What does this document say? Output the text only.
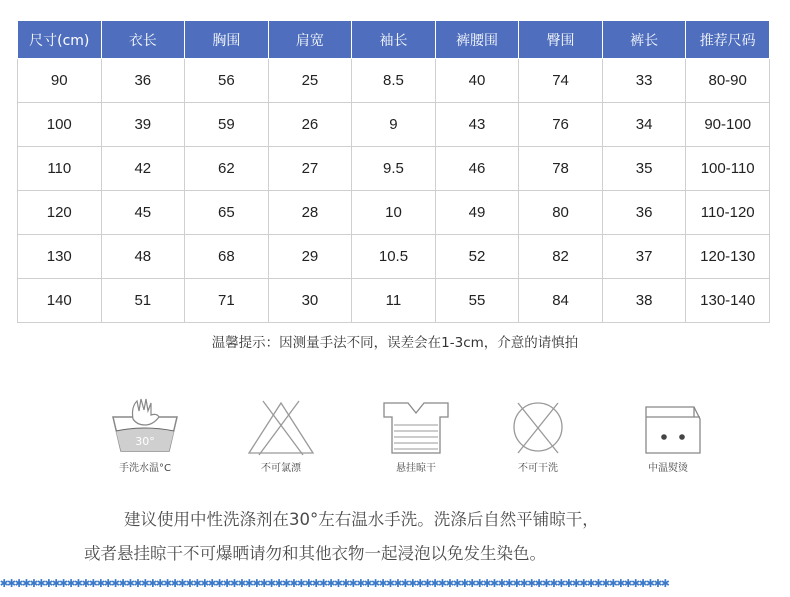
尺寸(cm)	衣长	胸围	肩宽	袖长	裤腰围	臀围	裤长	推荐尺码
90	36	56	25	8.5	40	74	33	80-90
100	39	59	26	9	43	76	34	90-100
110	42	62	27	9.5	46	78	35	100-110
120	45	65	28	10	49	80	36	110-120
130	48	68	29	10.5	52	82	37	120-130
140	51	71	30	11	55	84	38	130-140
温馨提示：因测量手法不同，误差会在1-3cm，介意的请慎拍
30°
手洗水温°C	不可氯漂	悬挂晾干	不可干洗	中温熨烫
建议使用中性洗涤剂在30°左右温水手洗。洗涤后自然平铺晾干，
或者悬挂晾干不可爆晒请勿和其他衣物一起浸泡以免发生染色。
✱✱✱✱✱✱✱✱✱✱✱✱✱✱✱✱✱✱✱✱✱✱✱✱✱✱✱✱✱✱✱✱✱✱✱✱✱✱✱✱✱✱✱✱✱✱✱✱✱✱✱✱✱✱✱✱✱✱✱✱✱✱✱✱✱✱✱✱✱✱✱✱✱✱✱✱✱✱✱✱✱✱✱✱✱✱✱✱✱✱
